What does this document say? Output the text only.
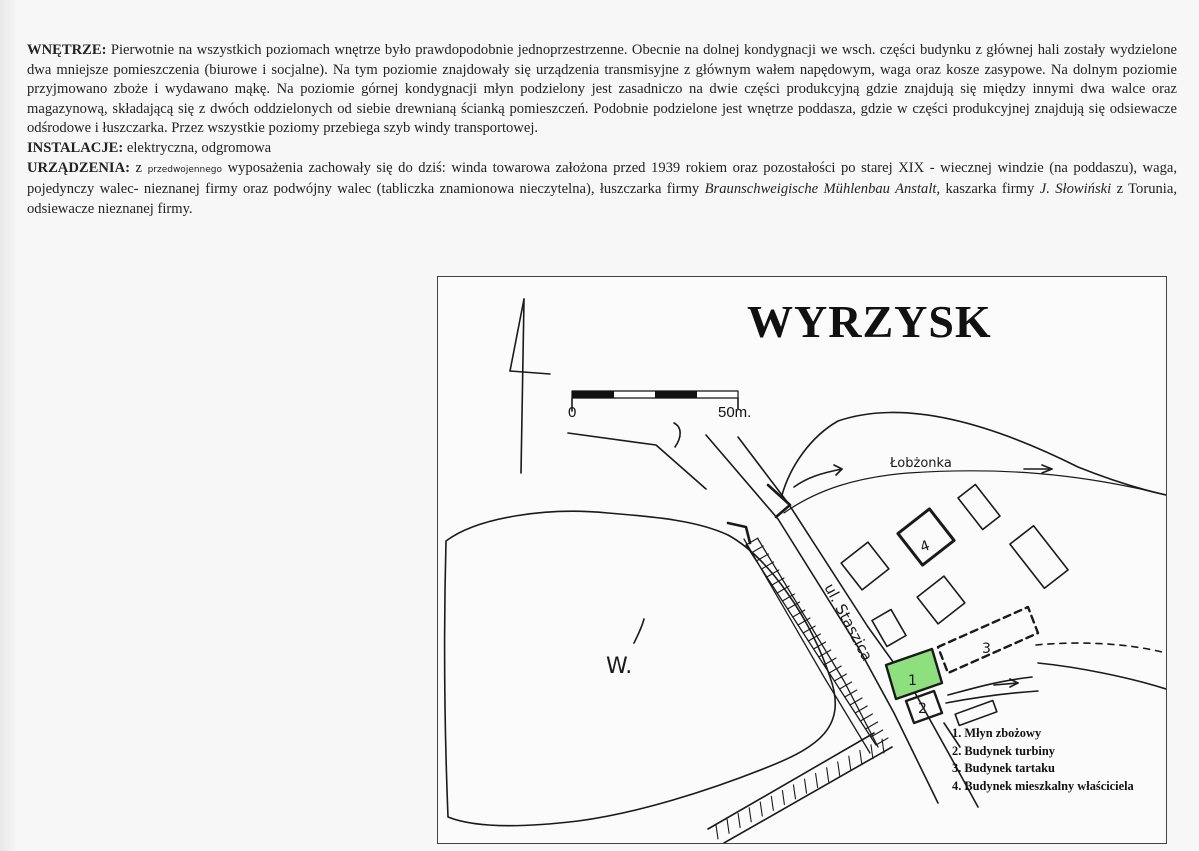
WNĘTRZE: Pierwotnie na wszystkich poziomach wnętrze było prawdopodobnie jednoprzestrzenne. Obecnie na dolnej kondygnacji we wsch. części budynku z głównej hali zostały wydzielone dwa mniejsze pomieszczenia (biurowe i socjalne). Na tym poziomie znajdowały się urządzenia transmisyjne z głównym wałem napędowym, waga oraz kosze zasypowe. Na dolnym poziomie przyjmowano zboże i wydawano mąkę. Na poziomie górnej kondygnacji młyn podzielony jest zasadniczo na dwie części produkcyjną gdzie znajdują się między innymi dwa walce oraz magazynową, składającą się z dwóch oddzielonych od siebie drewnianą ścianką pomieszczeń. Podobnie podzielone jest wnętrze poddasza, gdzie w części produkcyjnej znajdują się odsiewacze odśrodowe i łuszczarka. Przez wszystkie poziomy przebiega szyb windy transportowej.

INSTALACJE: elektryczna, odgromowa

URZĄDZENIA: z przedwojennego wyposażenia zachowały się do dziś: winda towarowa założona przed 1939 rokiem oraz pozostałości po starej XIX - wiecznej windzie (na poddaszu), waga, pojedynczy walec- nieznanej firmy oraz podwójny walec (tabliczka znamionowa nieczytelna), łuszczarka firmy Braunschweigische Mühlenbau Anstalt, kaszarka firmy J. Słowiński z Torunia, odsiewacze nieznanej firmy.

0	50m.
W.
Łobżonka
ul. Staszica
4
1
2
3
WYRZYSK
1. Młyn zbożowy
2. Budynek turbiny
3. Budynek tartaku
4. Budynek mieszkalny właściciela
